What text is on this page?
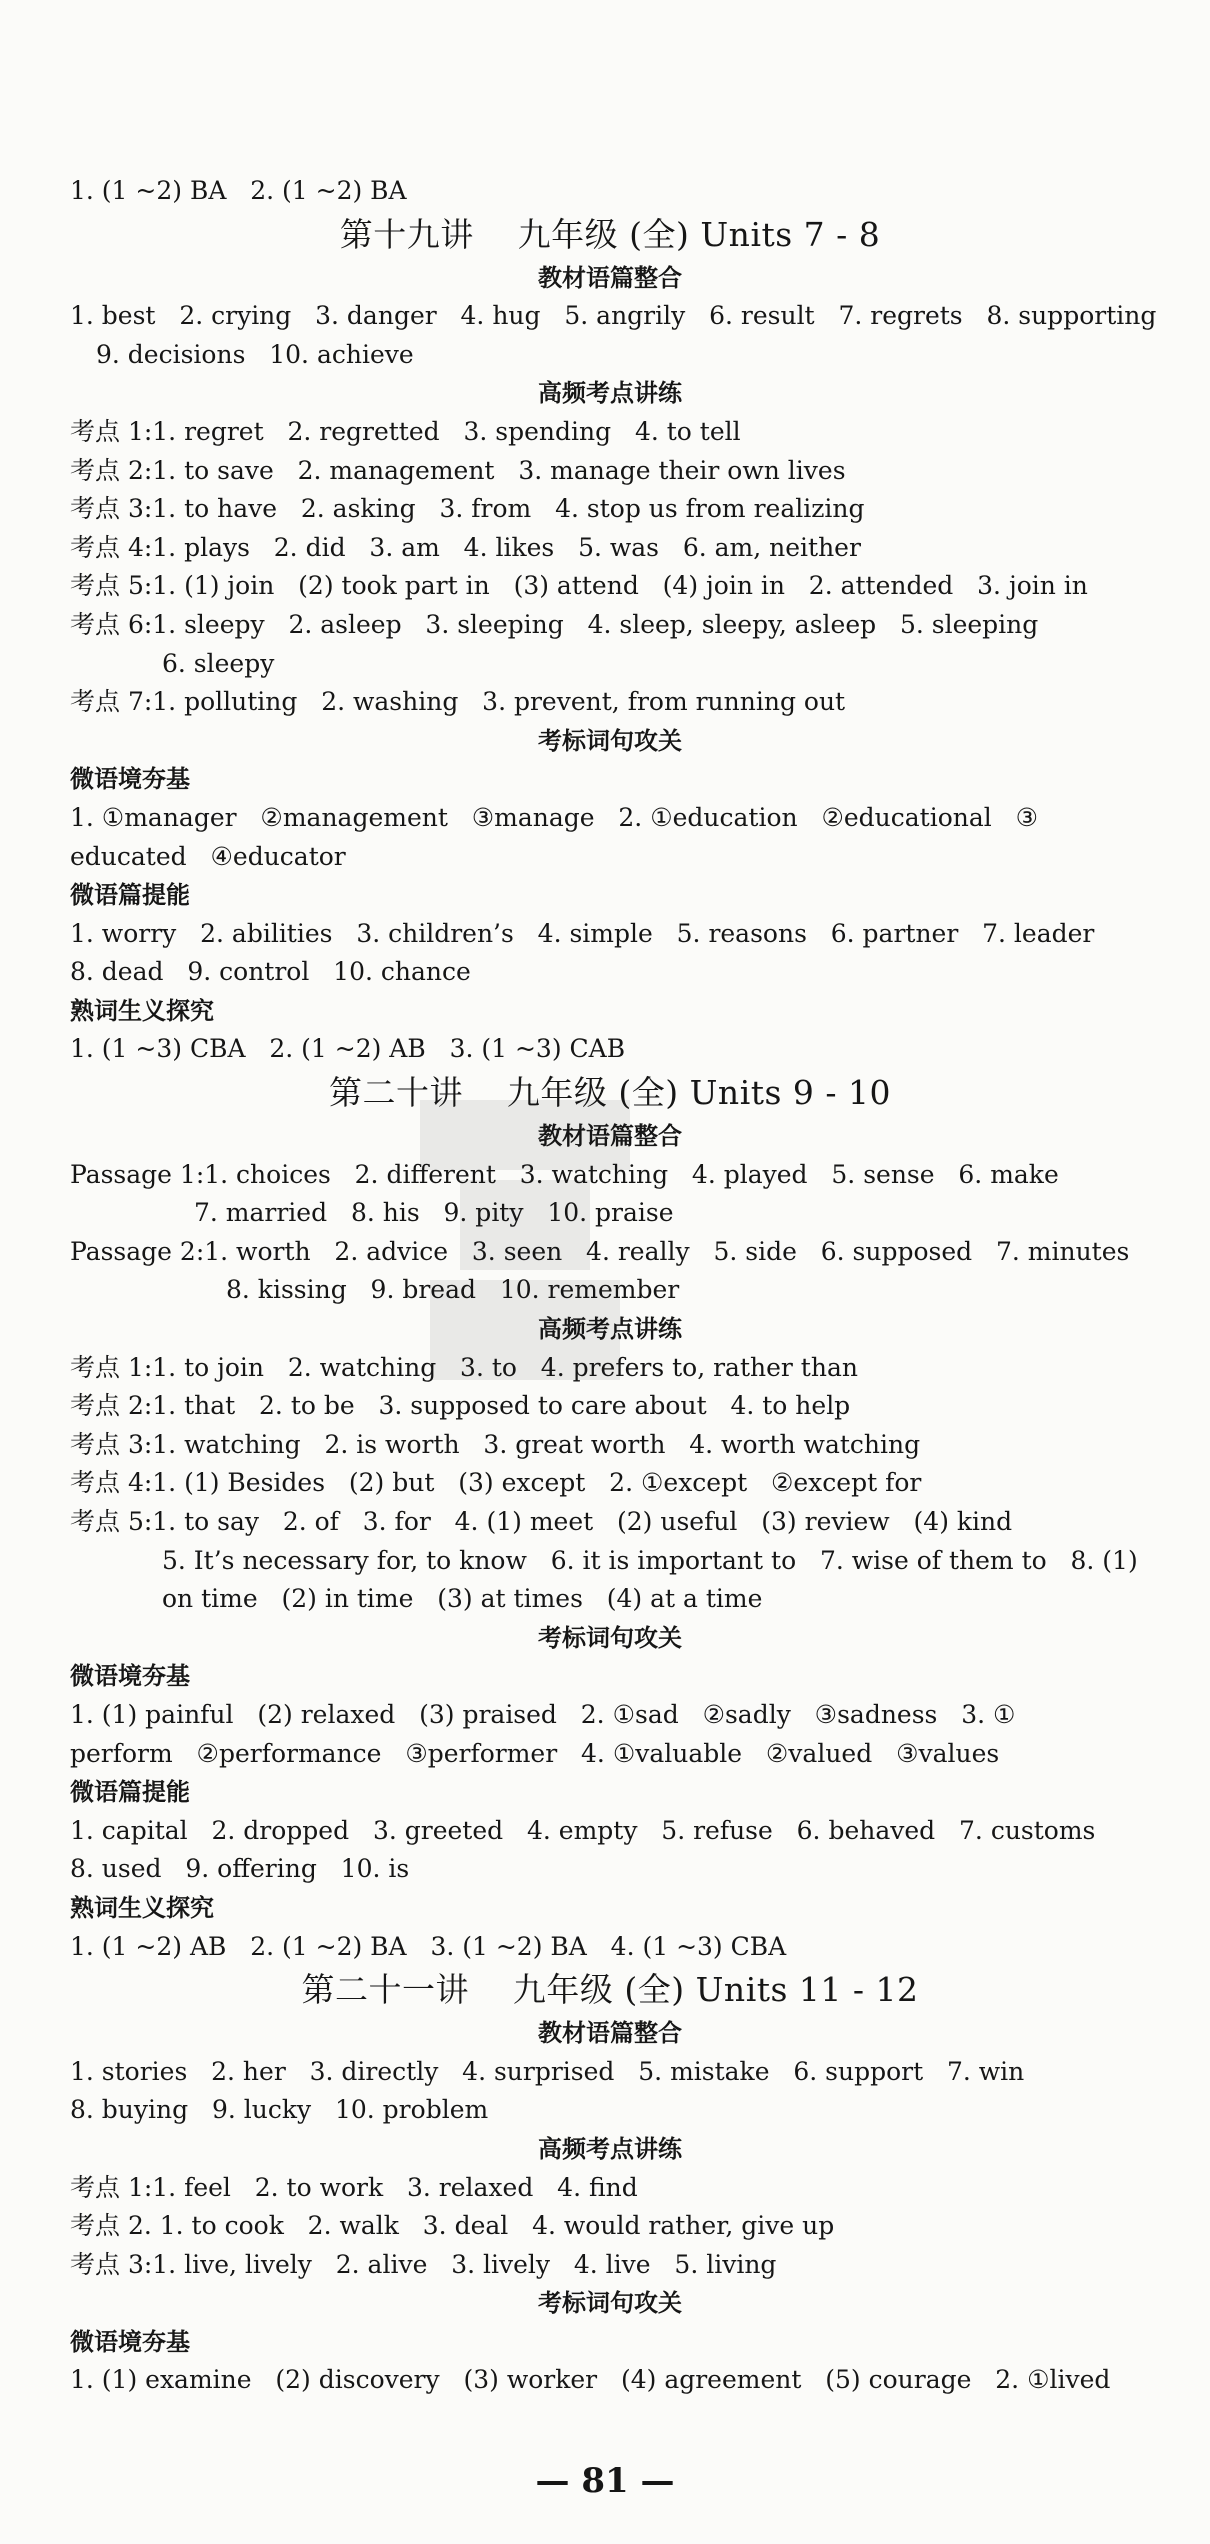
1. (1 ~2) BA   2. (1 ~2) BA
第十九讲    九年级 (全) Units 7 - 8
教材语篇整合
1. best   2. crying   3. danger   4. hug   5. angrily   6. result   7. regrets   8. supporting
9. decisions   10. achieve
高频考点讲练
考点 1:1. regret   2. regretted   3. spending   4. to tell
考点 2:1. to save   2. management   3. manage their own lives
考点 3:1. to have   2. asking   3. from   4. stop us from realizing
考点 4:1. plays   2. did   3. am   4. likes   5. was   6. am, neither
考点 5:1. (1) join   (2) took part in   (3) attend   (4) join in   2. attended   3. join in
考点 6:1. sleepy   2. asleep   3. sleeping   4. sleep, sleepy, asleep   5. sleeping
6. sleepy
考点 7:1. polluting   2. washing   3. prevent, from running out
考标词句攻关
微语境夯基
1. ①manager   ②management   ③manage   2. ①education   ②educational   ③
educated   ④educator
微语篇提能
1. worry   2. abilities   3. children’s   4. simple   5. reasons   6. partner   7. leader
8. dead   9. control   10. chance
熟词生义探究
1. (1 ~3) CBA   2. (1 ~2) AB   3. (1 ~3) CAB
第二十讲    九年级 (全) Units 9 - 10
教材语篇整合
Passage 1:1. choices   2. different   3. watching   4. played   5. sense   6. make
7. married   8. his   9. pity   10. praise
Passage 2:1. worth   2. advice   3. seen   4. really   5. side   6. supposed   7. minutes
8. kissing   9. bread   10. remember
高频考点讲练
考点 1:1. to join   2. watching   3. to   4. prefers to, rather than
考点 2:1. that   2. to be   3. supposed to care about   4. to help
考点 3:1. watching   2. is worth   3. great worth   4. worth watching
考点 4:1. (1) Besides   (2) but   (3) except   2. ①except   ②except for
考点 5:1. to say   2. of   3. for   4. (1) meet   (2) useful   (3) review   (4) kind
5. It’s necessary for, to know   6. it is important to   7. wise of them to   8. (1)
on time   (2) in time   (3) at times   (4) at a time
考标词句攻关
微语境夯基
1. (1) painful   (2) relaxed   (3) praised   2. ①sad   ②sadly   ③sadness   3. ①
perform   ②performance   ③performer   4. ①valuable   ②valued   ③values
微语篇提能
1. capital   2. dropped   3. greeted   4. empty   5. refuse   6. behaved   7. customs
8. used   9. offering   10. is
熟词生义探究
1. (1 ~2) AB   2. (1 ~2) BA   3. (1 ~2) BA   4. (1 ~3) CBA
第二十一讲    九年级 (全) Units 11 - 12
教材语篇整合
1. stories   2. her   3. directly   4. surprised   5. mistake   6. support   7. win
8. buying   9. lucky   10. problem
高频考点讲练
考点 1:1. feel   2. to work   3. relaxed   4. find
考点 2. 1. to cook   2. walk   3. deal   4. would rather, give up
考点 3:1. live, lively   2. alive   3. lively   4. live   5. living
考标词句攻关
微语境夯基
1. (1) examine   (2) discovery   (3) worker   (4) agreement   (5) courage   2. ①lived
— 81 —
